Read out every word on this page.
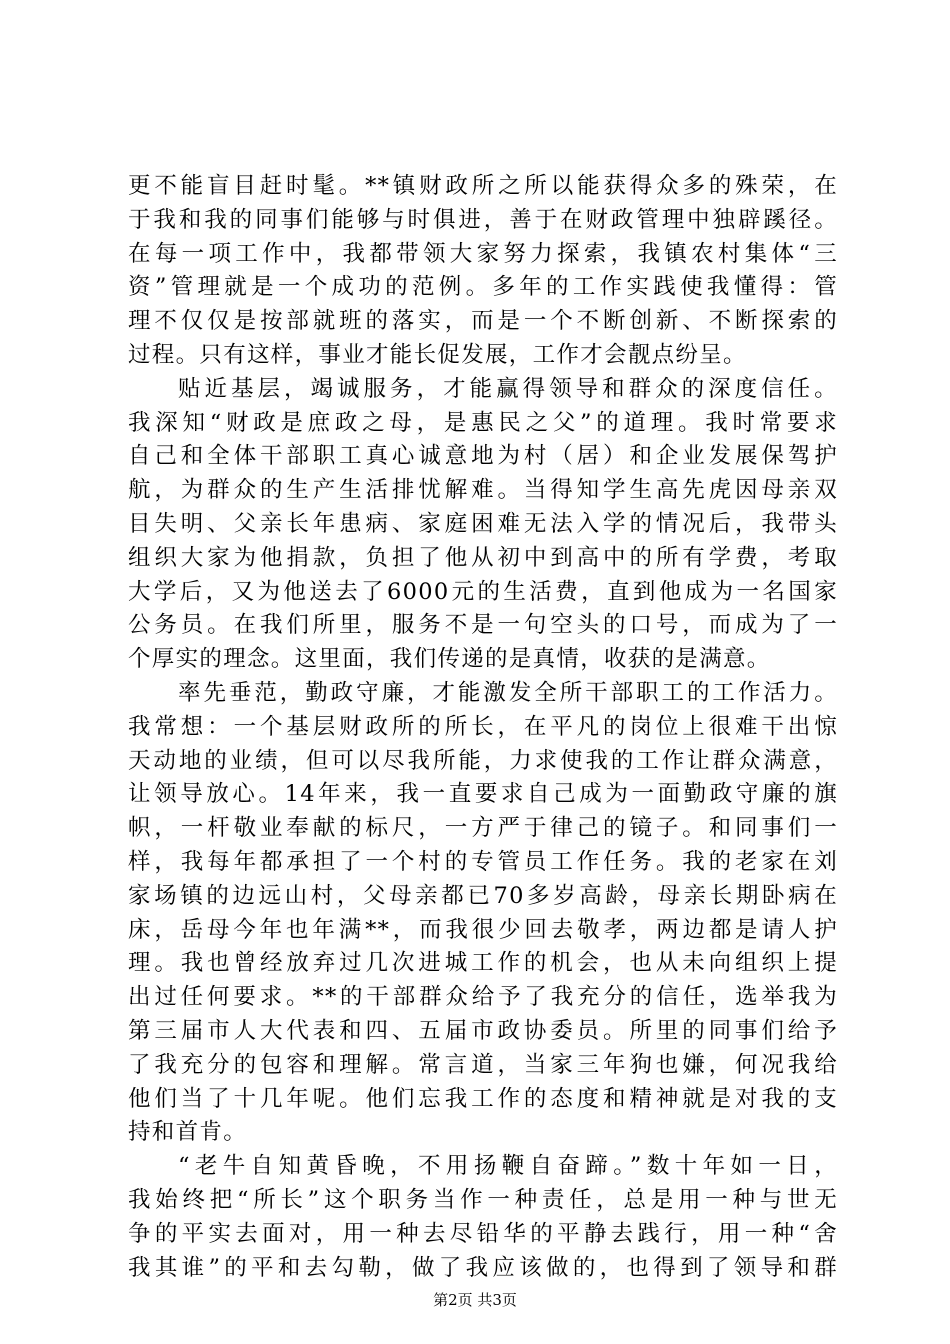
更不能盲目赶时髦。**镇财政所之所以能获得众多的殊荣，在
于我和我的同事们能够与时俱进，善于在财政管理中独辟蹊径。
在每一项工作中，我都带领大家努力探索，我镇农村集体“三
资”管理就是一个成功的范例。多年的工作实践使我懂得：管
理不仅仅是按部就班的落实，而是一个不断创新、不断探索的
过程。只有这样，事业才能长促发展，工作才会靓点纷呈。
贴近基层，竭诚服务，才能赢得领导和群众的深度信任。
我深知“财政是庶政之母，是惠民之父”的道理。我时常要求
自己和全体干部职工真心诚意地为村（居）和企业发展保驾护
航，为群众的生产生活排忧解难。当得知学生高先虎因母亲双
目失明、父亲长年患病、家庭困难无法入学的情况后，我带头
组织大家为他捐款，负担了他从初中到高中的所有学费，考取
大学后，又为他送去了6000元的生活费，直到他成为一名国家
公务员。在我们所里，服务不是一句空头的口号，而成为了一
个厚实的理念。这里面，我们传递的是真情，收获的是满意。
率先垂范，勤政守廉，才能激发全所干部职工的工作活力。
我常想：一个基层财政所的所长，在平凡的岗位上很难干出惊
天动地的业绩，但可以尽我所能，力求使我的工作让群众满意，
让领导放心。14年来，我一直要求自己成为一面勤政守廉的旗
帜，一杆敬业奉献的标尺，一方严于律己的镜子。和同事们一
样，我每年都承担了一个村的专管员工作任务。我的老家在刘
家场镇的边远山村，父母亲都已70多岁高龄，母亲长期卧病在
床，岳母今年也年满**，而我很少回去敬孝，两边都是请人护
理。我也曾经放弃过几次进城工作的机会，也从未向组织上提
出过任何要求。**的干部群众给予了我充分的信任，选举我为
第三届市人大代表和四、五届市政协委员。所里的同事们给予
了我充分的包容和理解。常言道，当家三年狗也嫌，何况我给
他们当了十几年呢。他们忘我工作的态度和精神就是对我的支
持和首肯。
“老牛自知黄昏晚，不用扬鞭自奋蹄。”数十年如一日，
我始终把“所长”这个职务当作一种责任，总是用一种与世无
争的平实去面对，用一种去尽铅华的平静去践行，用一种“舍
我其谁”的平和去勾勒，做了我应该做的，也得到了领导和群
第2页 共3页
